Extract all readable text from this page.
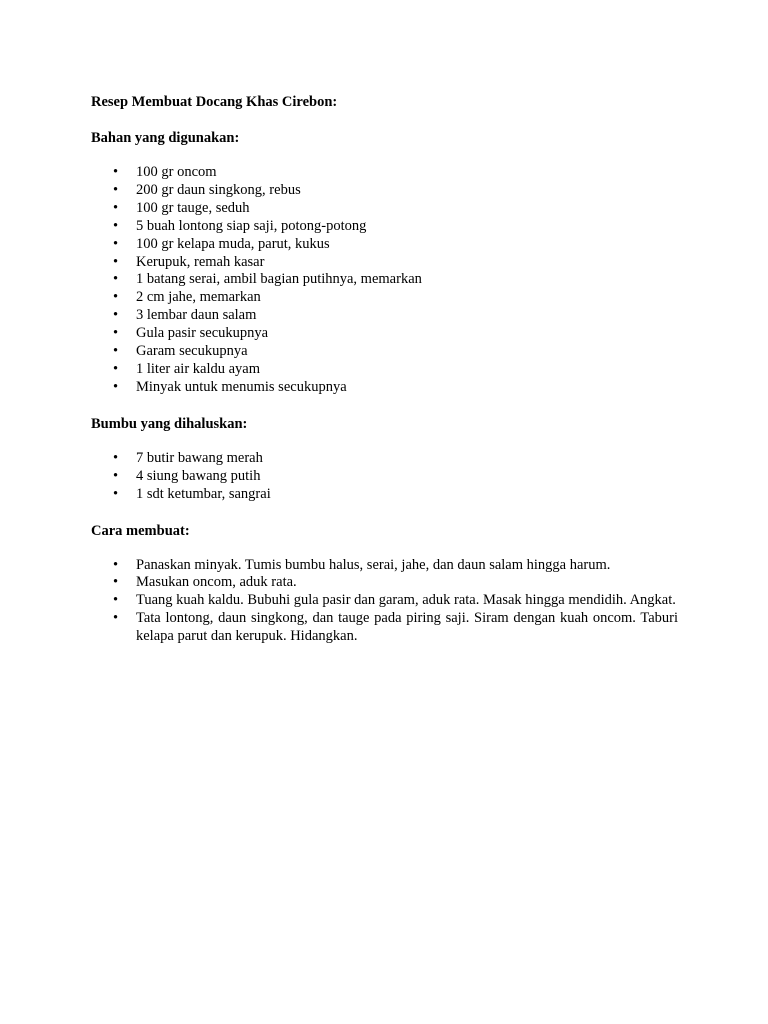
Resep Membuat Docang Khas Cirebon:

Bahan yang digunakan:

• 100 gr oncom
• 200 gr daun singkong, rebus
• 100 gr tauge, seduh
• 5 buah lontong siap saji, potong-potong
• 100 gr kelapa muda, parut, kukus
• Kerupuk, remah kasar
• 1 batang serai, ambil bagian putihnya, memarkan
• 2 cm jahe, memarkan
• 3 lembar daun salam
• Gula pasir secukupnya
• Garam secukupnya
• 1 liter air kaldu ayam
• Minyak untuk menumis secukupnya

Bumbu yang dihaluskan:

• 7 butir bawang merah
• 4 siung bawang putih
• 1 sdt ketumbar, sangrai

Cara membuat:

• Panaskan minyak. Tumis bumbu halus, serai, jahe, dan daun salam hingga harum.
• Masukan oncom, aduk rata.
• Tuang kuah kaldu. Bubuhi gula pasir dan garam, aduk rata. Masak hingga mendidih. Angkat.
• Tata lontong, daun singkong, dan tauge pada piring saji. Siram dengan kuah oncom. Taburi kelapa parut dan kerupuk. Hidangkan.
